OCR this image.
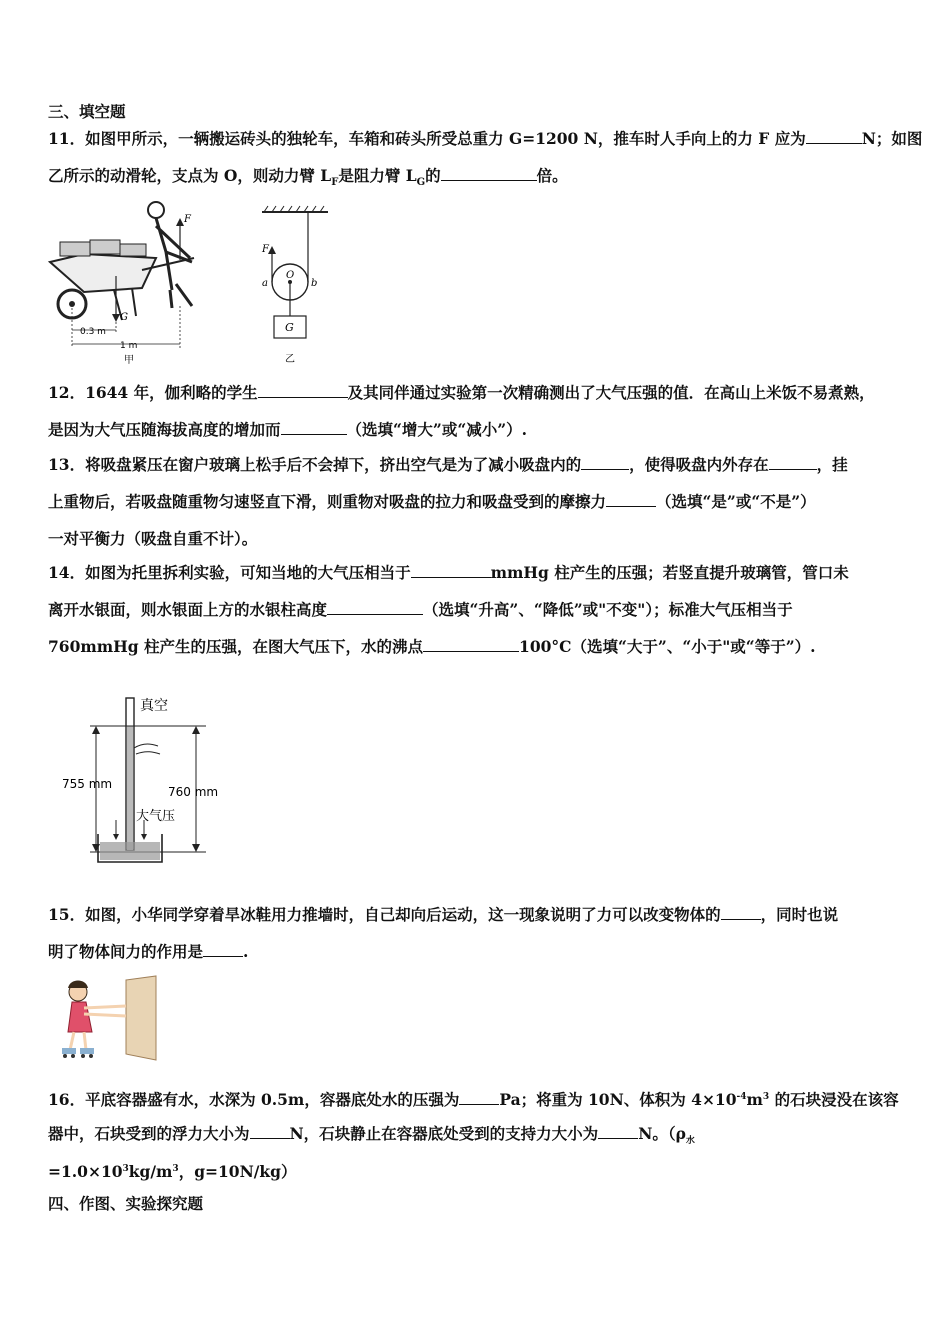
三、填空题
11．如图甲所示，一辆搬运砖头的独轮车，车箱和砖头所受总重力 G=1200 N，推车时人手向上的力 F 应为	N；如图
乙所示的动滑轮，支点为 O，则动力臂 $L_F$是阻力臂 $L_G$的	倍。
F
G
0.3 m
1 m
甲
F
O
a	b
G
乙
12．1644 年，伽利略的学生	及其同伴通过实验第一次精确测出了大气压强的值．在高山上米饭不易煮熟，
是因为大气压随海拔高度的增加而	（选填“增大”或“减小”）.
13．将吸盘紧压在窗户玻璃上松手后不会掉下，挤出空气是为了减小吸盘内的	，使得吸盘内外存在	，挂
上重物后，若吸盘随重物匀速竖直下滑，则重物对吸盘的拉力和吸盘受到的摩擦力	（选填“是”或“不是”）
一对平衡力（吸盘自重不计）。
14．如图为托里拆利实验，可知当地的大气压相当于	mmHg 柱产生的压强；若竖直提升玻璃管，管口未
离开水银面，则水银面上方的水银柱高度	（选填“升高”、“降低”或"不变"）；标准大气压相当于
760mmHg 柱产生的压强，在图大气压下，水的沸点	100°C（选填“大于”、“小于"或“等于”）.
真空
755 mm
760 mm
大气压
15．如图，小华同学穿着旱冰鞋用力推墙时，自己却向后运动，这一现象说明了力可以改变物体的	，同时也说
明了物体间力的作用是	.
16．平底容器盛有水，水深为 0.5m，容器底处水的压强为	Pa；将重为 10N、体积为 $4\times 10^{-4}m^3$ 的石块浸没在该容
器中，石块受到的浮力大小为	N，石块静止在容器底处受到的支持力大小为	N。（$\rho_水$
$=1.0\times 10^3kg/m^3$，g=10N/kg）
四、作图、实验探究题
